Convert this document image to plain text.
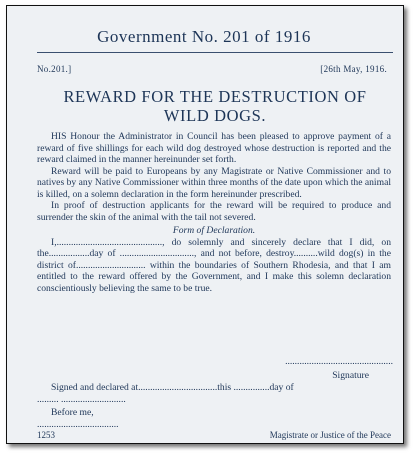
Government No. 201 of 1916
No.201.]	[26th May, 1916.
REWARD FOR THE DESTRUCTION OF
WILD DOGS.

HIS Honour the Administrator in Council has been pleased to approve payment of a reward of five shillings for each wild dog destroyed whose destruction is reported and the reward claimed in the manner hereinunder set forth.

Reward will be paid to Europeans by any Magistrate or Native Commissioner and to natives by any Native Commissioner within three months of the date upon which the animal is killed, on a solemn declaration in the form hereinunder prescribed.

In proof of destruction applicants for the reward will be required to produce and surrender the skin of the animal with the tail not severed.

Form of Declaration.

I,............................................, do solemnly and sincerely declare that I did, on the.................day of ..............................., and not before, destroy..........wild dog(s) in the district of............................. within the boundaries of Southern Rhodesia, and that I am entitled to the reward offered by the Government, and I make this solemn declaration conscientiously believing the same to be true.

.............................................
Signature
Signed and declared at.................................this ...............day of
......... ...........................
Before me,
..................................
1253	Magistrate or Justice of the Peace
